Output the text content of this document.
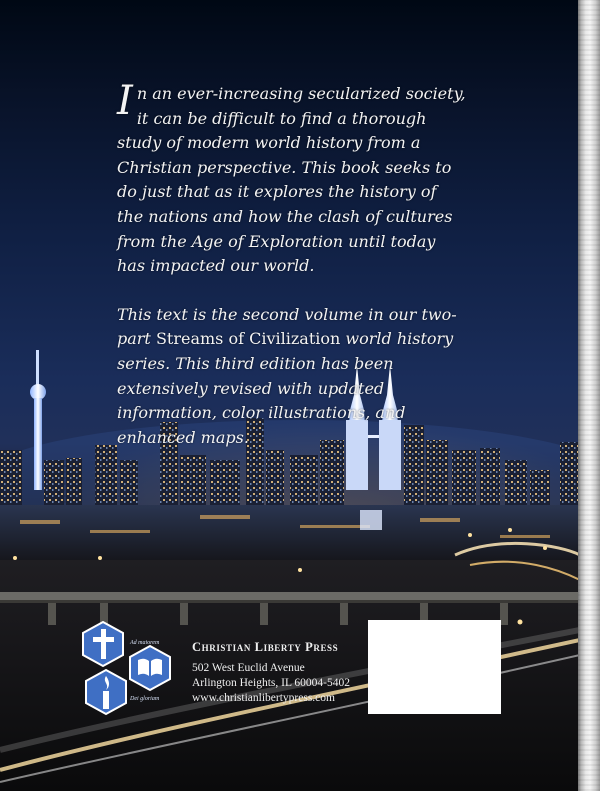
In an ever-increasing secularized society, it can be difficult to find a thorough study of modern world history from a Christian perspective. This book seeks to do just that as it explores the history of the nations and how the clash of cultures from the Age of Exploration until today has impacted our world.

This text is the second volume in our two-part Streams of Civilization world history series. This third edition has been extensively revised with updated information, color illustrations, and enhanced maps.

Ad maiorem
Dei gloriam
Christian Liberty Press
502 West Euclid Avenue
Arlington Heights, IL 60004-5402
www.christianlibertypress.com
